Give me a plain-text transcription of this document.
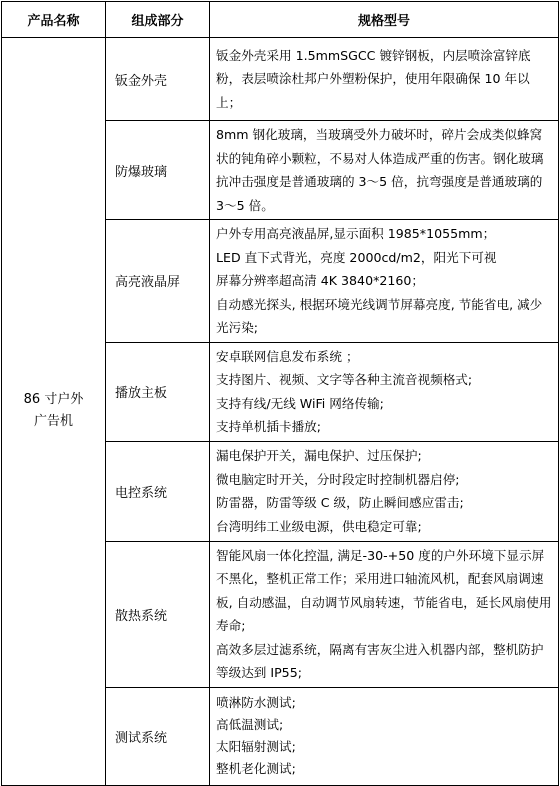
产品名称	组成部分	规格型号

86 寸户外
广告机	钣金外壳	钣金外壳采用 1.5mmSGCC 镀锌钢板，内层喷涂富锌底粉，表层喷涂杜邦户外塑粉保护，使用年限确保 10 年以上；

	防爆玻璃	8mm 钢化玻璃，当玻璃受外力破坏时，碎片会成类似蜂窝状的钝角碎小颗粒，不易对人体造成严重的伤害。钢化玻璃抗冲击强度是普通玻璃的 3～5 倍，抗弯强度是普通玻璃的 3～5 倍。

	高亮液晶屏	户外专用高亮液晶屏,显示面积 1985*1055mm；
LED 直下式背光，亮度 2000cd/m2，阳光下可视
屏幕分辨率超高清 4K 3840*2160；
自动感光探头, 根据环境光线调节屏幕亮度, 节能省电, 减少光污染;

	播放主板	安卓联网信息发布系统 ；
支持图片、视频、文字等各种主流音视频格式;
支持有线/无线 WiFi 网络传输;
支持单机插卡播放;

	电控系统	漏电保护开关，漏电保护、过压保护;
微电脑定时开关，分时段定时控制机器启停;
防雷器，防雷等级 C 级，防止瞬间感应雷击;
台湾明纬工业级电源，供电稳定可靠;

	散热系统	智能风扇一体化控温, 满足-30-+50 度的户外环境下显示屏不黑化，整机正常工作；采用进口轴流风机，配套风扇调速板, 自动感温，自动调节风扇转速，节能省电，延长风扇使用寿命;
高效多层过滤系统，隔离有害灰尘进入机器内部，整机防护等级达到 IP55;

	测试系统	喷淋防水测试;
高低温测试;
太阳辐射测试;
整机老化测试;
